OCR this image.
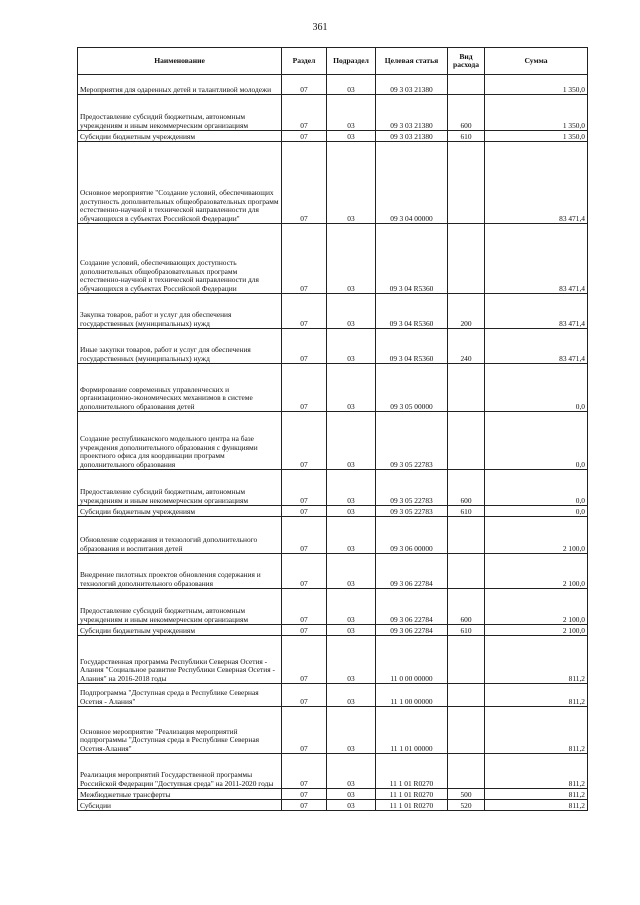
361
Наименование	Раздел	Подраздел	Целевая статья	Вид расхода	Сумма
Мероприятия для одаренных детей и талантливой молодежи	07	03	09 3 03 21380		1 350,0
Предоставление субсидий бюджетным, автономным учреждениям и иным некоммерческим организациям	07	03	09 3 03 21380	600	1 350,0
Субсидии бюджетным учреждениям	07	03	09 3 03 21380	610	1 350,0
Основное мероприятие "Создание условий, обеспечивающих доступность дополнительных общеобразовательных программ естественно-научной и технической направленности для обучающихся в субъектах Российской Федерации"	07	03	09 3 04 00000		83 471,4
Создание условий, обеспечивающих доступность дополнительных общеобразовательных программ естественно-научной и технической направленности для обучающихся в субъектах Российской Федерации	07	03	09 3 04 R5360		83 471,4
Закупка товаров, работ и услуг для обеспечения государственных (муниципальных) нужд	07	03	09 3 04 R5360	200	83 471,4
Иные закупки товаров, работ и услуг для обеспечения государственных (муниципальных) нужд	07	03	09 3 04 R5360	240	83 471,4
Формирование современных управленческих и организационно-экономических механизмов в системе дополнительного образования детей	07	03	09 3 05 00000		0,0
Создание республиканского модельного центра на базе учреждения дополнительного образования с функциями проектного офиса для координации программ дополнительного образования	07	03	09 3 05 22783		0,0
Предоставление субсидий бюджетным, автономным учреждениям и иным некоммерческим организациям	07	03	09 3 05 22783	600	0,0
Субсидии бюджетным учреждениям	07	03	09 3 05 22783	610	0,0
Обновление содержания и технологий дополнительного образования и воспитания детей	07	03	09 3 06 00000		2 100,0
Внедрение пилотных проектов обновления содержания и технологий дополнительного образования	07	03	09 3 06 22784		2 100,0
Предоставление субсидий бюджетным, автономным учреждениям и иным некоммерческим организациям	07	03	09 3 06 22784	600	2 100,0
Субсидии бюджетным учреждениям	07	03	09 3 06 22784	610	2 100,0
Государственная программа Республики Северная Осетия - Алания "Социальное развитие Республики Северная Осетия - Алания" на 2016-2018 годы	07	03	11 0 00 00000		811,2
Подпрограмма "Доступная среда в Республике Северная Осетия - Алания"	07	03	11 1 00 00000		811,2
Основное мероприятие "Реализация мероприятий подпрограммы "Доступная среда в Республике Северная Осетия-Алания"	07	03	11 1 01 00000		811,2
Реализация мероприятий Государственной программы Российской Федерации "Доступная среда" на 2011-2020 годы	07	03	11 1 01 R0270		811,2
Межбюджетные трансферты	07	03	11 1 01 R0270	500	811,2
Субсидии	07	03	11 1 01 R0270	520	811,2
